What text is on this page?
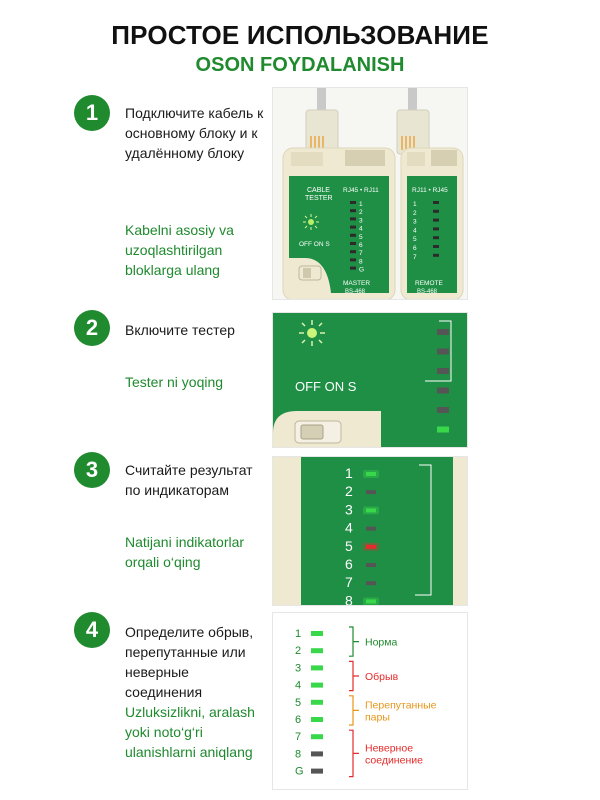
ПРОСТОЕ ИСПОЛЬЗОВАНИЕ
OSON FOYDALANISH
1	Подключите кабель к основному блоку и к удалённому блоку
Kabelni asosiy va uzoqlashtirilgan bloklarga ulang
CABLE
TESTER
RJ45 • RJ11
OFF ON S
1
2
3
4
5
6
7
8
G
MASTER
BS-468
RJ11 • RJ45
1
2
3
4
5
6
7
REMOTE
BS-468
2	Включите тестер
Tester ni yoqing	OFF ON S
3	Считайте результат по индикаторам
Natijani indikatorlar orqali o‘qing
1
2
3
4
5
6
7
8
4	Определите обрыв, перепутанные или неверные соединения
Uzluksizlikni, aralash yoki noto‘g‘ri ulanishlarni aniqlang
1
2
3
4
5
6
7
8
G
Норма
Обрыв
Перепутанные
пары
Неверное
соединение
